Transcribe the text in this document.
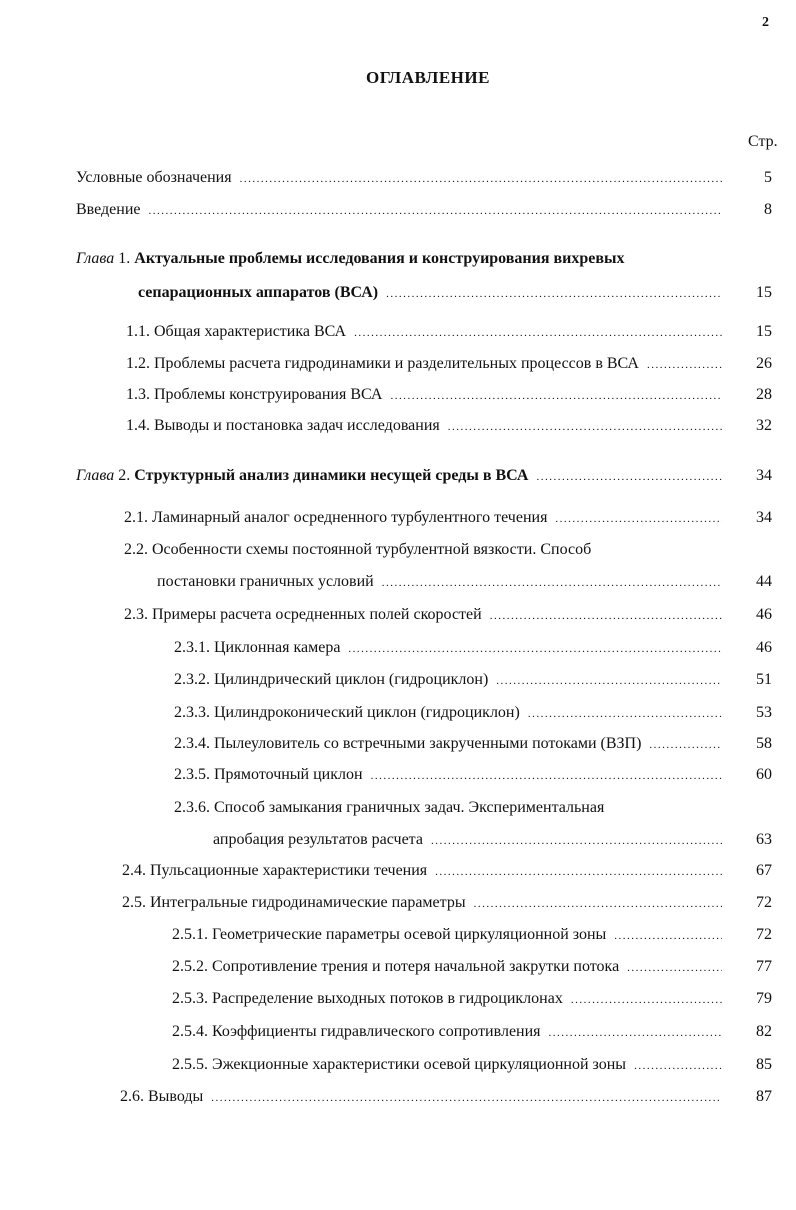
2
ОГЛАВЛЕНИЕ
Стр.
Условные обозначения .....	5
Введение .....	8
Глава
1.
Актуальные проблемы исследования и конструирования вихревых
сепарационных аппаратов (ВСА) .....	15
1.1. Общая характеристика ВСА .....	15
1.2. Проблемы расчета гидродинамики и разделительных процессов в ВСА .....	26
1.3. Проблемы конструирования ВСА .....	28
1.4. Выводы и постановка задач исследования .....	32
Глава 2. Структурный анализ динамики несущей среды в ВСА .....	34
2.1. Ламинарный аналог осредненного турбулентного течения .....	34
2.2. Особенности схемы постоянной турбулентной вязкости. Способ
постановки граничных условий .....	44
2.3. Примеры расчета осредненных полей скоростей .....	46
2.3.1. Циклонная камера .....	46
2.3.2. Цилиндрический циклон (гидроциклон) .....	51
2.3.3. Цилиндроконический циклон (гидроциклон) .....	53
2.3.4. Пылеуловитель со встречными закрученными потоками (ВЗП) .....	58
2.3.5. Прямоточный циклон .....	60
2.3.6. Способ замыкания граничных задач. Экспериментальная
апробация результатов расчета .....	63
2.4. Пульсационные характеристики течения .....	67
2.5. Интегральные гидродинамические параметры .....	72
2.5.1. Геометрические параметры осевой циркуляционной зоны .....	72
2.5.2. Сопротивление трения и потеря начальной закрутки потока .....	77
2.5.3. Распределение выходных потоков в гидроциклонах .....	79
2.5.4. Коэффициенты гидравлического сопротивления .....	82
2.5.5. Эжекционные характеристики осевой циркуляционной зоны .....	85
2.6. Выводы .....	87
